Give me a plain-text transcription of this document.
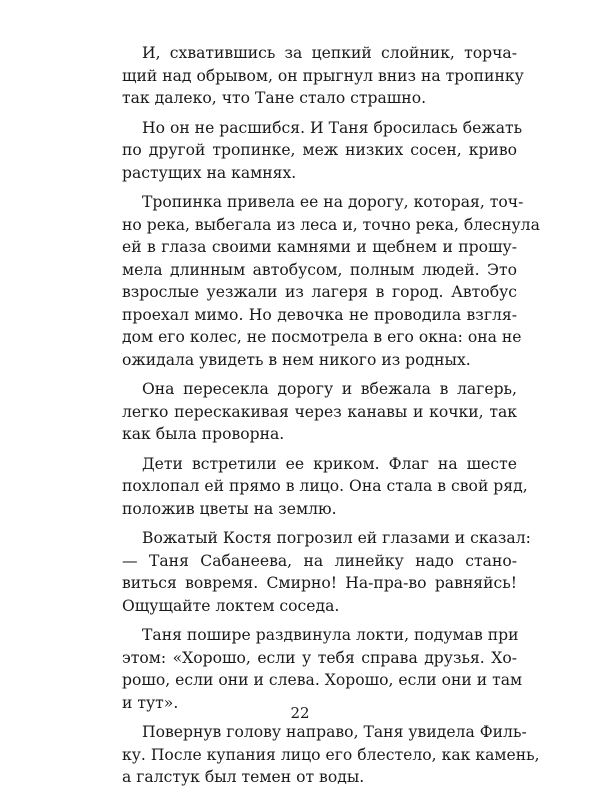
И, схватившись за цепкий слойник, торча-
щий над обрывом, он прыгнул вниз на тропинку
так далеко, что Тане стало страшно.
Но он не расшибся. И Таня бросилась бежать
по другой тропинке, меж низких сосен, криво
растущих на камнях.
Тропинка привела ее на дорогу, которая, точ-
но река, выбегала из леса и, точно река, блеснула
ей в глаза своими камнями и щебнем и прошу-
мела длинным автобусом, полным людей. Это
взрослые уезжали из лагеря в город. Автобус
проехал мимо. Но девочка не проводила взгля-
дом его колес, не посмотрела в его окна: она не
ожидала увидеть в нем никого из родных.
Она пересекла дорогу и вбежала в лагерь,
легко перескакивая через канавы и кочки, так
как была проворна.
Дети встретили ее криком. Флаг на шесте
похлопал ей прямо в лицо. Она стала в свой ряд,
положив цветы на землю.
Вожатый Костя погрозил ей глазами и сказал:
— Таня Сабанеева, на линейку надо стано-
виться вовремя. Смирно! На-пра-во равняйсь!
Ощущайте локтем соседа.
Таня пошире раздвинула локти, подумав при
этом: «Хорошо, если у тебя справа друзья. Хо-
рошо, если они и слева. Хорошо, если они и там
и тут».
Повернув голову направо, Таня увидела Филь-
ку. После купания лицо его блестело, как камень,
а галстук был темен от воды.
22
